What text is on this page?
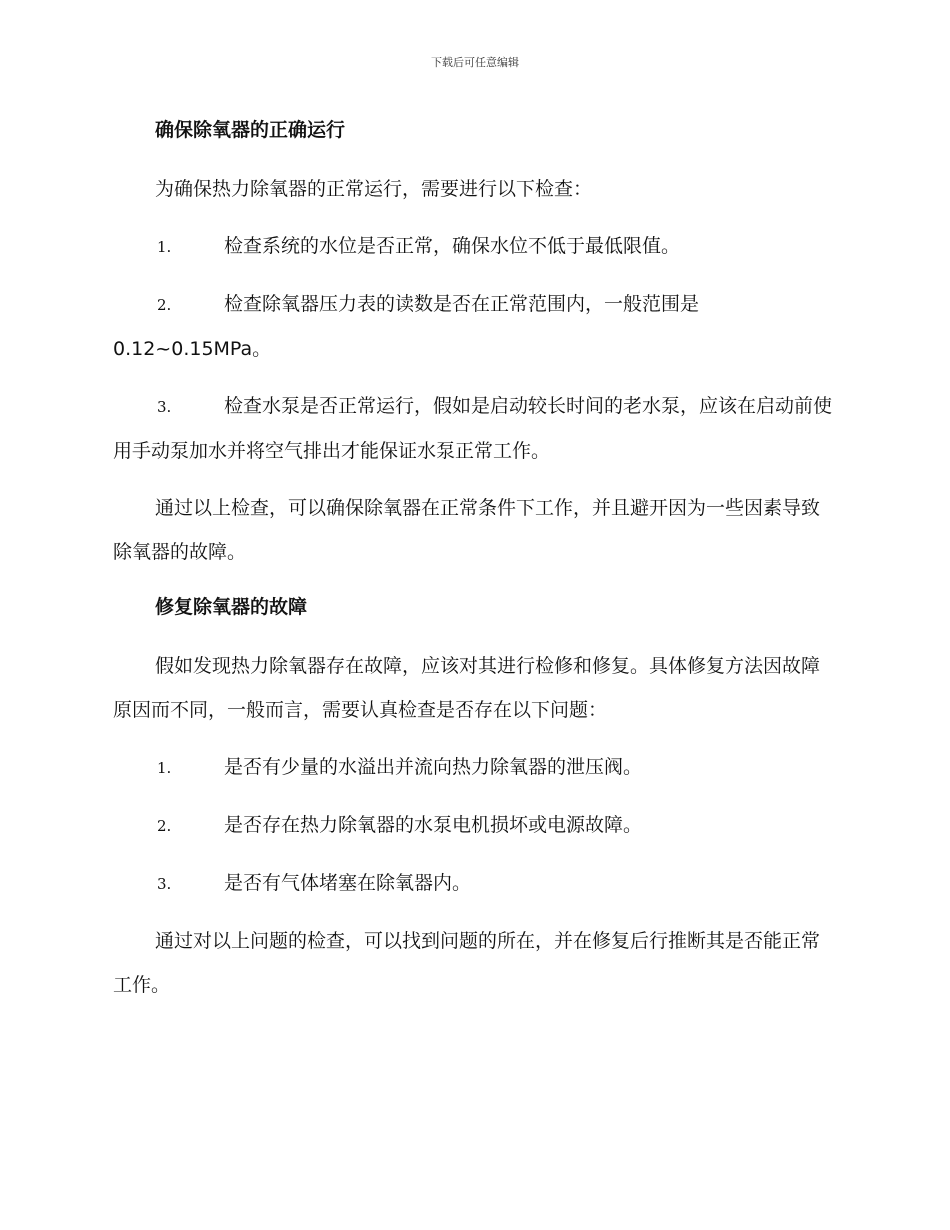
下载后可任意编辑
确保除氧器的正确运行

为确保热力除氧器的正常运行，需要进行以下检查：

1.	检查系统的水位是否正常，确保水位不低于最低限值。
2.	检查除氧器压力表的读数是否在正常范围内，一般范围是0.12~0.15MPa。
3.	检查水泵是否正常运行，假如是启动较长时间的老水泵，应该在启动前使用手动泵加水并将空气排出才能保证水泵正常工作。

通过以上检查，可以确保除氧器在正常条件下工作，并且避开因为一些因素导致除氧器的故障。

修复除氧器的故障

假如发现热力除氧器存在故障，应该对其进行检修和修复。具体修复方法因故障原因而不同，一般而言，需要认真检查是否存在以下问题：

1.	是否有少量的水溢出并流向热力除氧器的泄压阀。
2.	是否存在热力除氧器的水泵电机损坏或电源故障。
3.	是否有气体堵塞在除氧器内。

通过对以上问题的检查，可以找到问题的所在，并在修复后行推断其是否能正常工作。
